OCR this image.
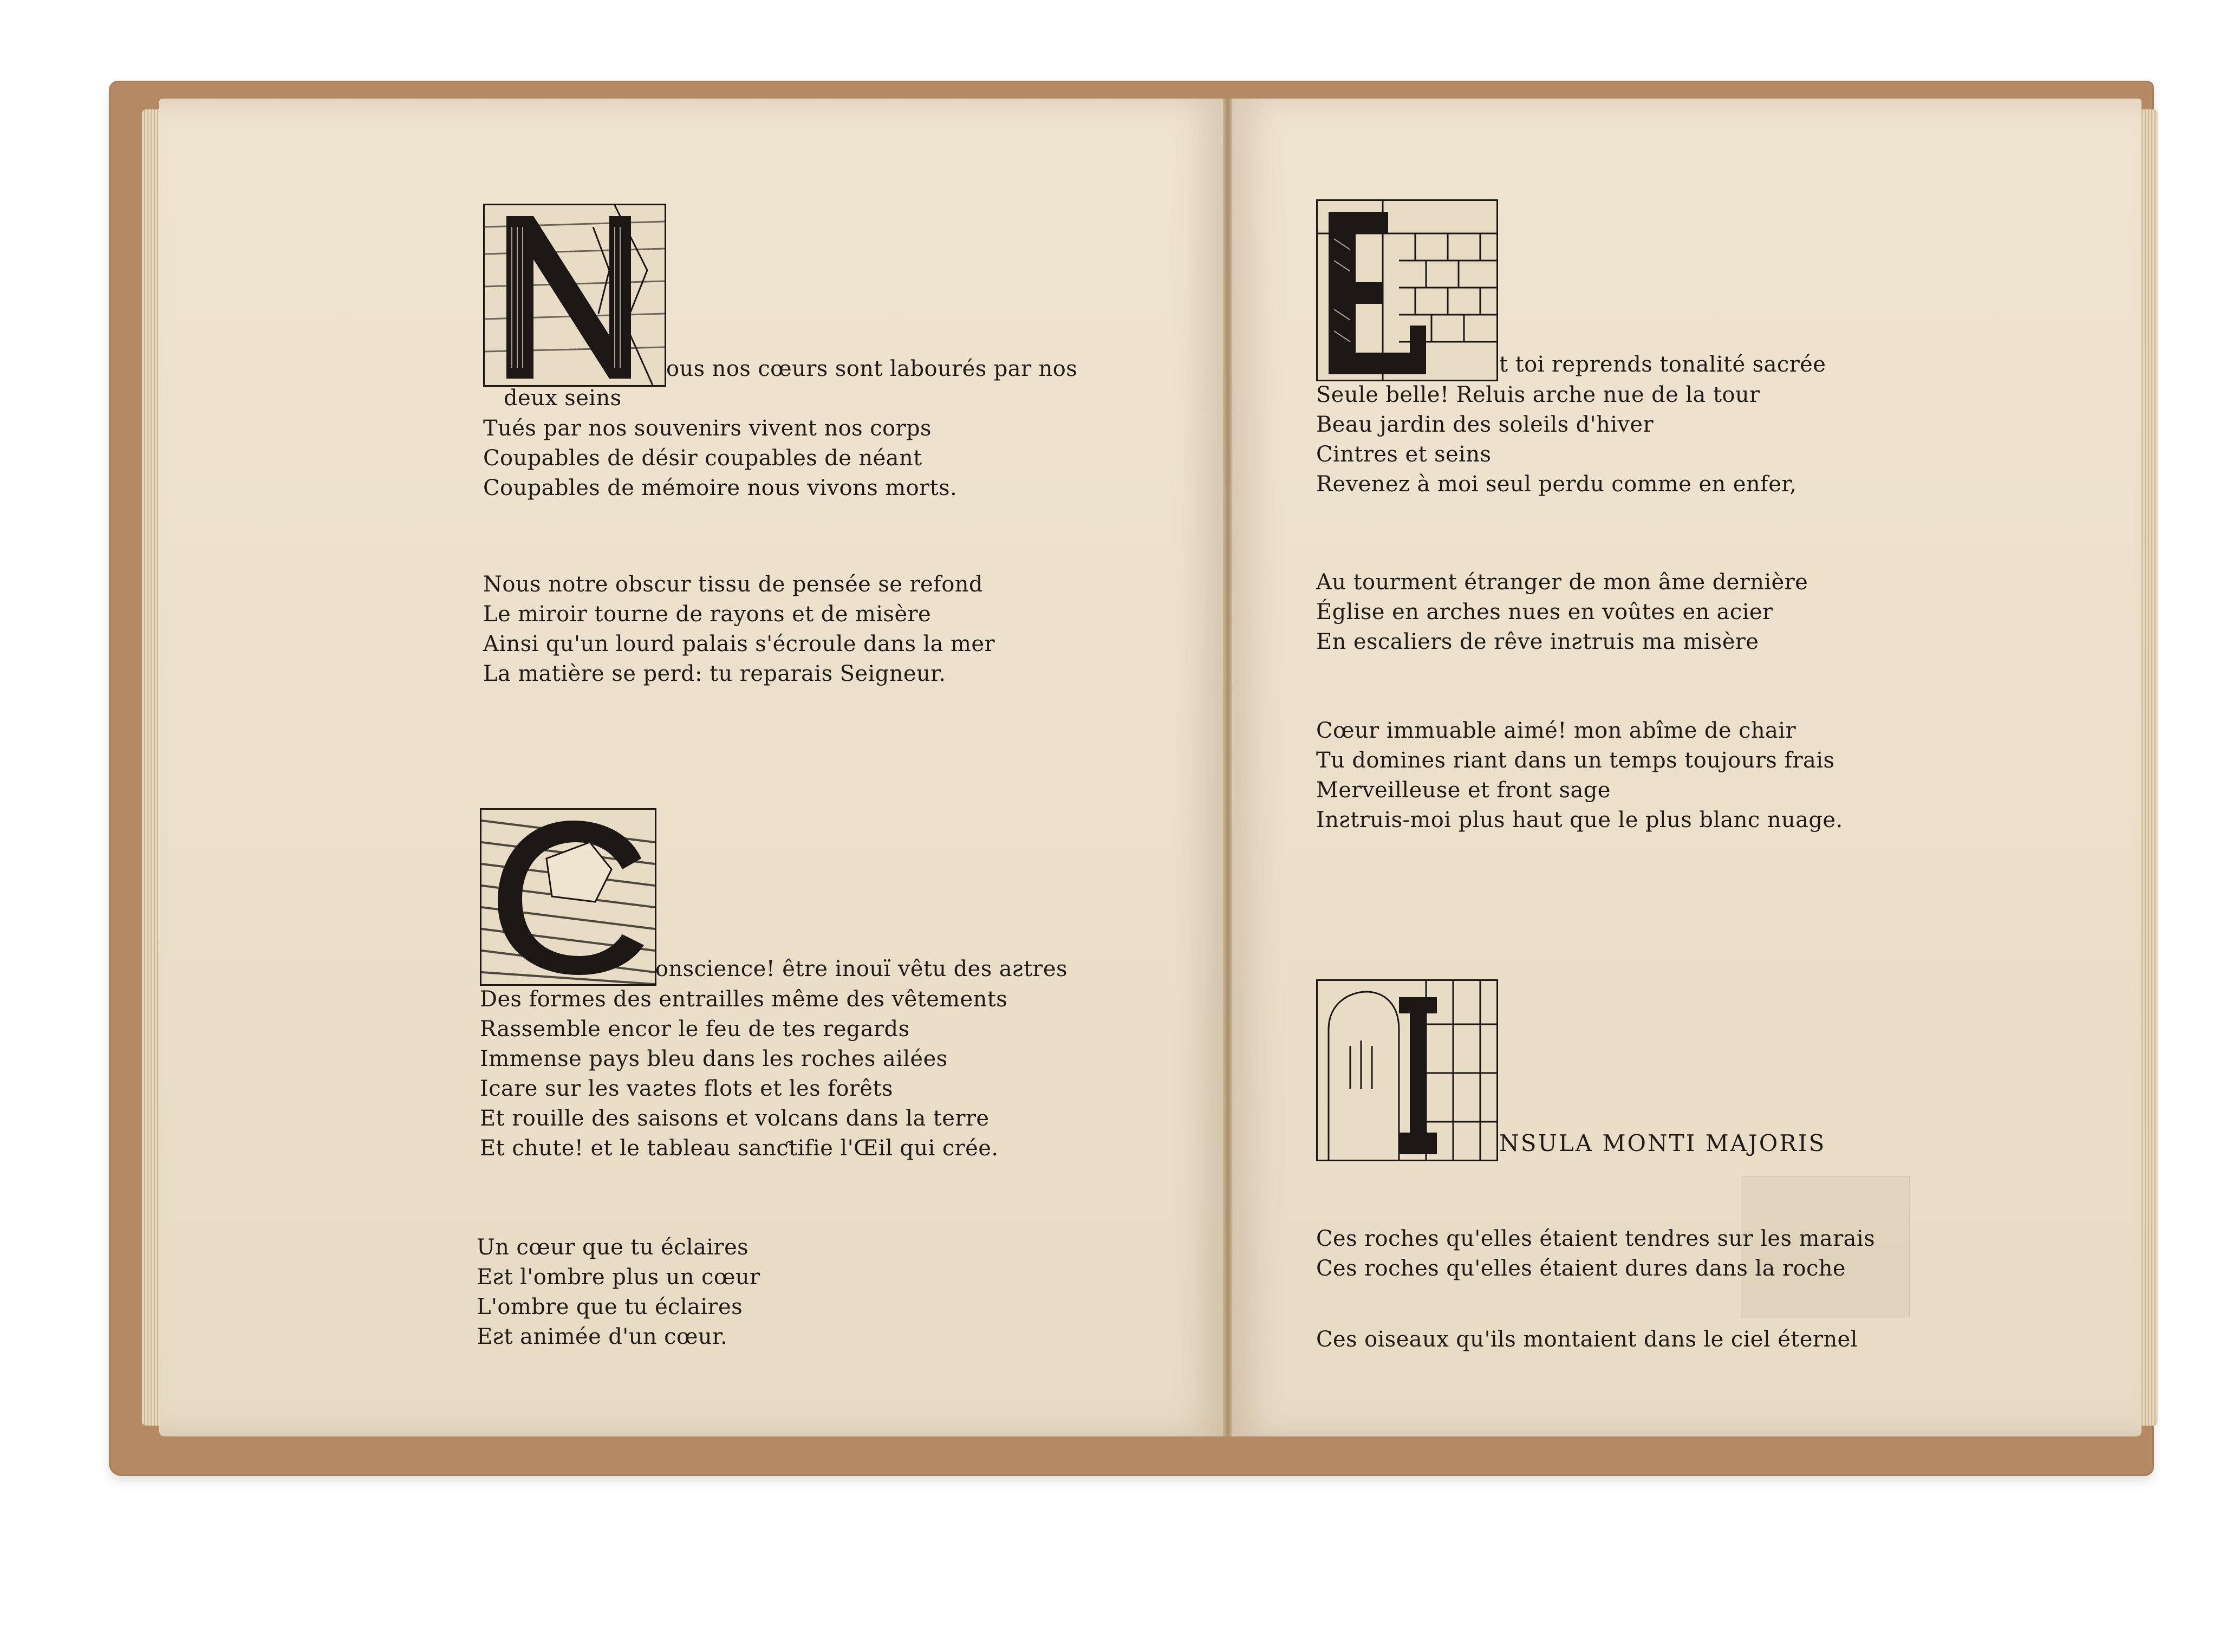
ous nos cœurs sont labourés par nos
deux seins
Tués par nos souvenirs vivent nos corps
Coupables de désir coupables de néant
Coupables de mémoire nous vivons morts.
Nous notre obscur tissu de pensée se refond
Le miroir tourne de rayons et de misère
Ainsi qu'un lourd palais s'écroule dans la mer
La matière se perd: tu reparais Seigneur.
onscience! être inouï vêtu des aƨtres
Des formes des entrailles même des vêtements
Rassemble encor le feu de tes regards
Immense pays bleu dans les roches ailées
Icare sur les vaƨtes flots et les forêts
Et rouille des saisons et volcans dans la terre
Et chute! et le tableau sanƈtifie l'Œil qui crée.
Un cœur que tu éclaires
Eƨt l'ombre plus un cœur
L'ombre que tu éclaires
Eƨt animée d'un cœur.
t toi reprends tonalité sacrée
Seule belle! Reluis arche nue de la tour
Beau jardin des soleils d'hiver
Cintres et seins
Revenez à moi seul perdu comme en enfer,
Au tourment étranger de mon âme dernière
Église en arches nues en voûtes en acier
En escaliers de rêve inƨtruis ma misère
Cœur immuable aimé! mon abîme de chair
Tu domines riant dans un temps toujours frais
Merveilleuse et front sage
Inƨtruis-moi plus haut que le plus blanc nuage.
NSULA MONTI MAJORIS
Ces roches qu'elles étaient tendres sur les marais
Ces roches qu'elles étaient dures dans la roche
Ces oiseaux qu'ils montaient dans le ciel éternel
